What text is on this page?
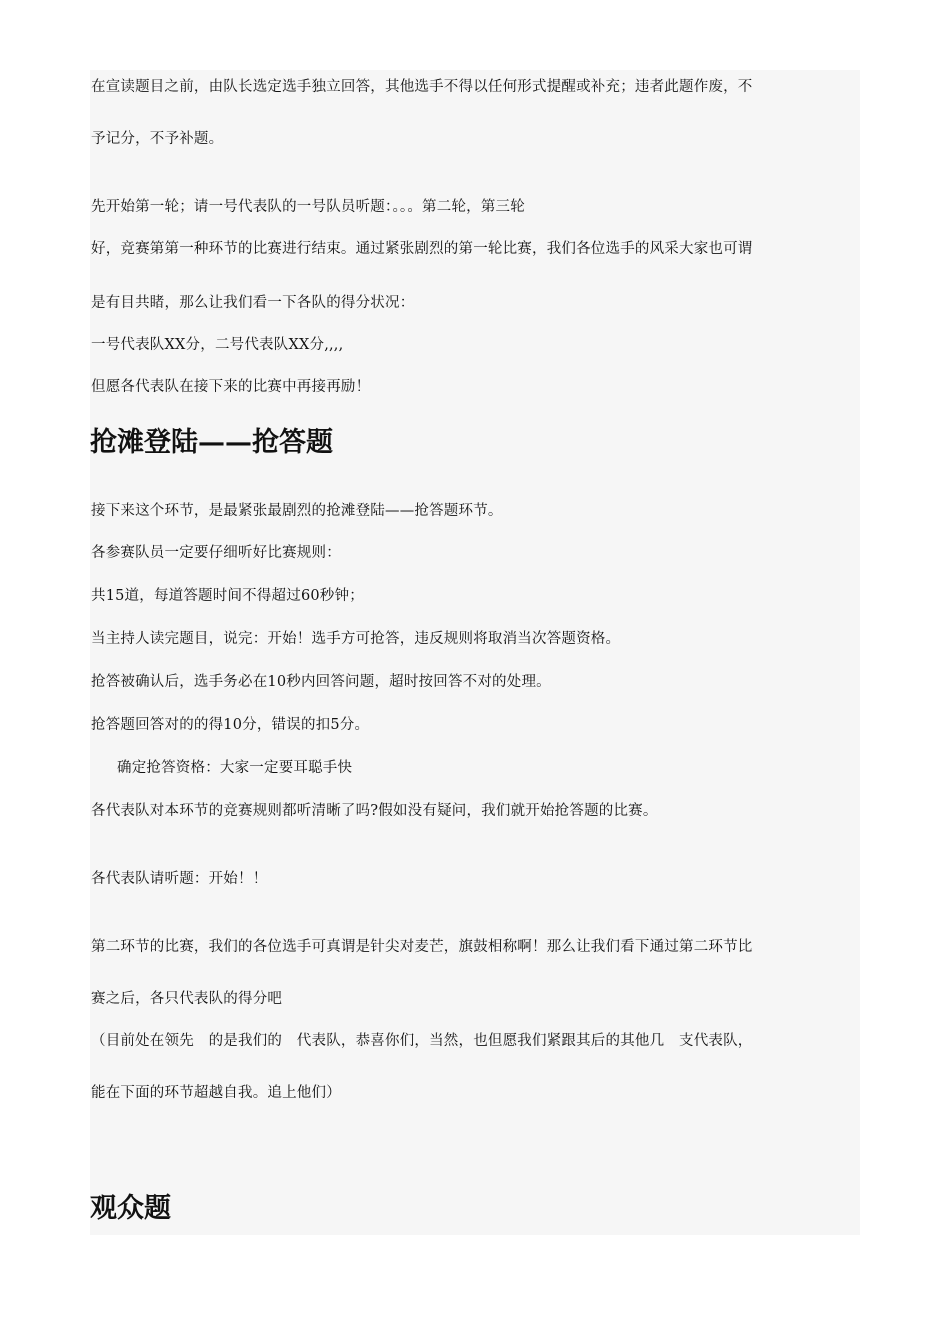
在宣读题目之前，由队长选定选手独立回答，其他选手不得以任何形式提醒或补充；违者此题作废，不
予记分，不予补题。
先开始第一轮；请一号代表队的一号队员听题：。。。第二轮，第三轮
好，竞赛第第一种环节的比赛进行结束。通过紧张剧烈的第一轮比赛，我们各位选手的风采大家也可谓
是有目共睹，那么让我们看一下各队的得分状况：
一号代表队XX分，二号代表队XX分,,,,
但愿各代表队在接下来的比赛中再接再励！
抢滩登陆——抢答题
接下来这个环节，是最紧张最剧烈的抢滩登陆——抢答题环节。
各参赛队员一定要仔细听好比赛规则：
共15道，每道答题时间不得超过60秒钟；
当主持人读完题目，说完：开始！选手方可抢答，违反规则将取消当次答题资格。
抢答被确认后，选手务必在10秒内回答问题，超时按回答不对的处理。
抢答题回答对的的得10分，错误的扣5分。
确定抢答资格：大家一定要耳聪手快
各代表队对本环节的竞赛规则都听清晰了吗?假如没有疑问，我们就开始抢答题的比赛。
各代表队请听题：开始！！
第二环节的比赛，我们的各位选手可真谓是针尖对麦芒，旗鼓相称啊！那么让我们看下通过第二环节比
赛之后，各只代表队的得分吧
（目前处在领先　的是我们的　代表队，恭喜你们，当然，也但愿我们紧跟其后的其他几　支代表队，
能在下面的环节超越自我。追上他们）
观众题
